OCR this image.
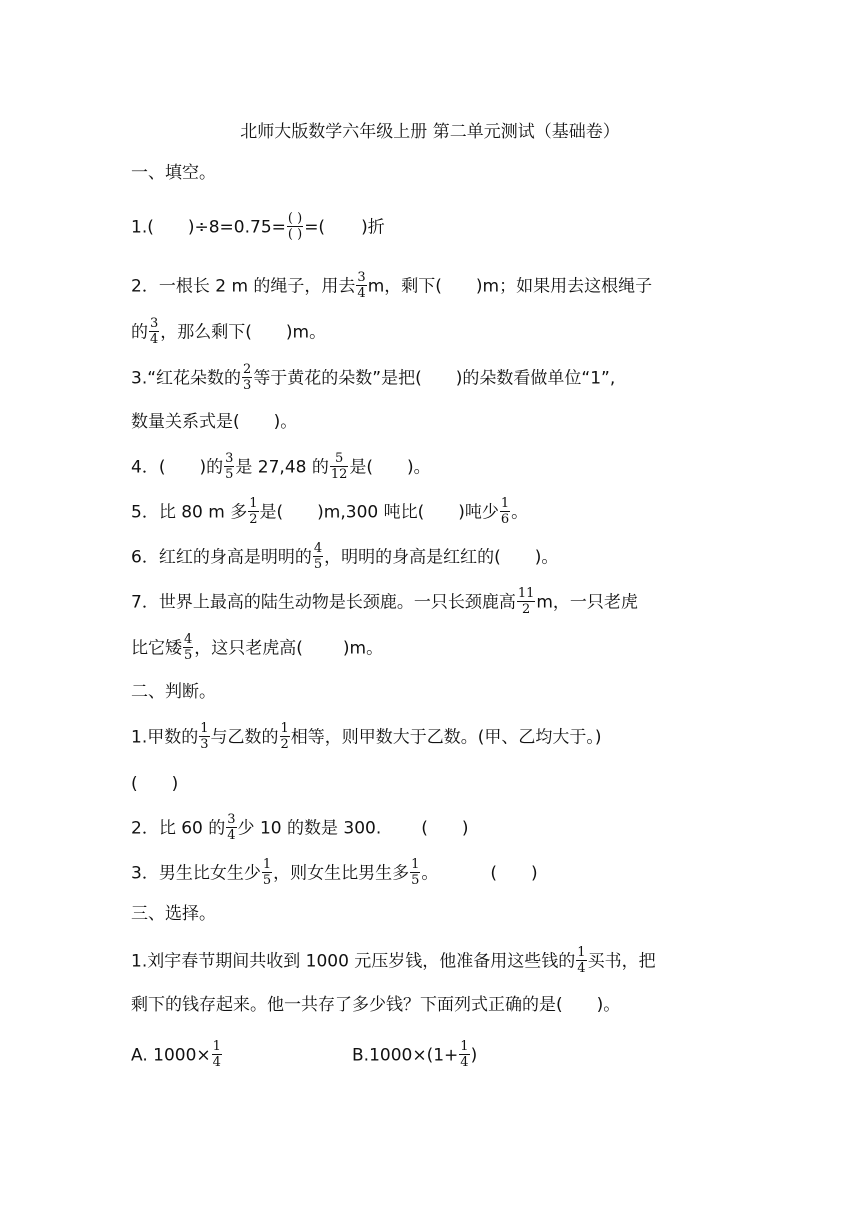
北师大版数学六年级上册 第二单元测试（基础卷）
一、填空。
1.( )$\div 8=0.75= \frac{( )}{( )}$ =( )折
2．一根长 2 m 的绳子，用去 $\frac{3}{4}$ m，剩下( )m；如果用去这根绳子
的 $\frac{3}{4}$ ，那么剩下( )m。
3.“红花朵数的 $\frac{2}{3}$ 等于黄花的朵数”是把( )的朵数看做单位“1”,
数量关系式是( )。
4．( )的 $\frac{3}{5}$ 是 27,48 的 $\frac{5}{12}$ 是( )。
5．比 80 m 多 $\frac{1}{2}$ 是( )m,300 吨比( )吨少 $\frac{1}{6}$ 。
6．红红的身高是明明的 $\frac{4}{5}$ ，明明的身高是红红的( )。
7．世界上最高的陆生动物是长颈鹿。一只长颈鹿高 $\frac{11}{2}$ m，一只老虎
比它矮 $\frac{4}{5}$ ，这只老虎高( )m。
二、判断。
1.甲数的 $\frac{1}{3}$ 与乙数的 $\frac{1}{2}$ 相等，则甲数大于乙数。(甲、乙均大于。)
( )
2．比 60 的 $\frac{3}{4}$ 少 10 的数是 300. ( )
3．男生比女生少 $\frac{1}{5}$ ，则女生比男生多 $\frac{1}{5}$ 。	( )
三、选择。
1.刘宇春节期间共收到 1000 元压岁钱，他准备用这些钱的 $\frac{1}{4}$ 买书，把
剩下的钱存起来。他一共存了多少钱？下面列式正确的是( )。
A. $1000\times \frac{1}{4}$	$B.1000\times(1+ \frac{1}{4}$ )
